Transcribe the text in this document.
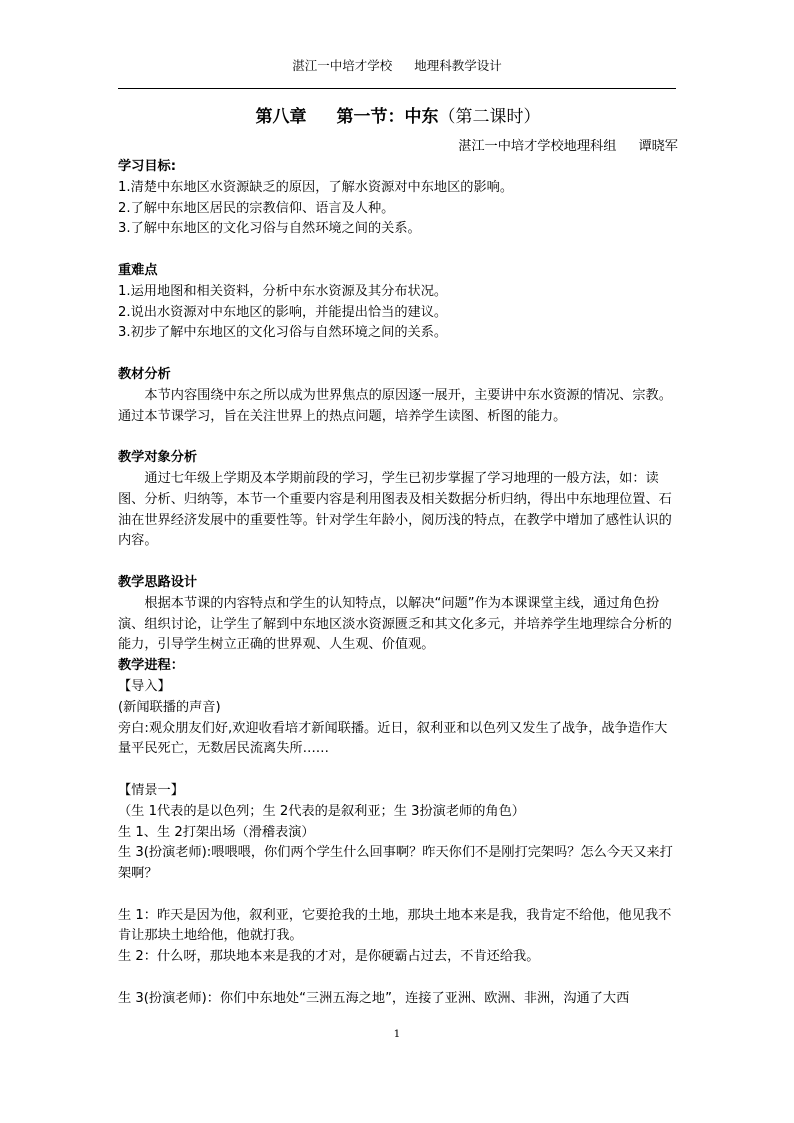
湛江一中培才学校 地理科教学设计
第八章 第一节：中东（第二课时）
湛江一中培才学校地理科组 谭晓军

学习目标:

1.清楚中东地区水资源缺乏的原因，了解水资源对中东地区的影响。

2.了解中东地区居民的宗教信仰、语言及人种。

3.了解中东地区的文化习俗与自然环境之间的关系。

重难点

1.运用地图和相关资料，分析中东水资源及其分布状况。

2.说出水资源对中东地区的影响，并能提出恰当的建议。

3.初步了解中东地区的文化习俗与自然环境之间的关系。

教材分析

本节内容围绕中东之所以成为世界焦点的原因逐一展开，主要讲中东水资源的情况、宗教。通过本节课学习，旨在关注世界上的热点问题，培养学生读图、析图的能力。

教学对象分析

通过七年级上学期及本学期前段的学习，学生已初步掌握了学习地理的一般方法，如：读图、分析、归纳等，本节一个重要内容是利用图表及相关数据分析归纳，得出中东地理位置、石油在世界经济发展中的重要性等。针对学生年龄小，阅历浅的特点，在教学中增加了感性认识的内容。

教学思路设计

根据本节课的内容特点和学生的认知特点，以解决“问题”作为本课课堂主线，通过角色扮演、组织讨论，让学生了解到中东地区淡水资源匮乏和其文化多元，并培养学生地理综合分析的能力，引导学生树立正确的世界观、人生观、价值观。

教学进程：

【导入】

(新闻联播的声音)

旁白:观众朋友们好,欢迎收看培才新闻联播。近日，叙利亚和以色列又发生了战争，战争造作大量平民死亡，无数居民流离失所……

【情景一】

（生 1代表的是以色列；生 2代表的是叙利亚；生 3扮演老师的角色）

生 1、生 2打架出场（滑稽表演）

生 3(扮演老师):喂喂喂，你们两个学生什么回事啊？昨天你们不是刚打完架吗？怎么今天又来打架啊？

生 1：昨天是因为他，叙利亚，它要抢我的土地，那块土地本来是我，我肯定不给他，他见我不肯让那块土地给他，他就打我。

生 2：什么呀，那块地本来是我的才对，是你硬霸占过去，不肯还给我。

生 3(扮演老师)：你们中东地处“三洲五海之地”，连接了亚洲、欧洲、非洲，沟通了大西

1
